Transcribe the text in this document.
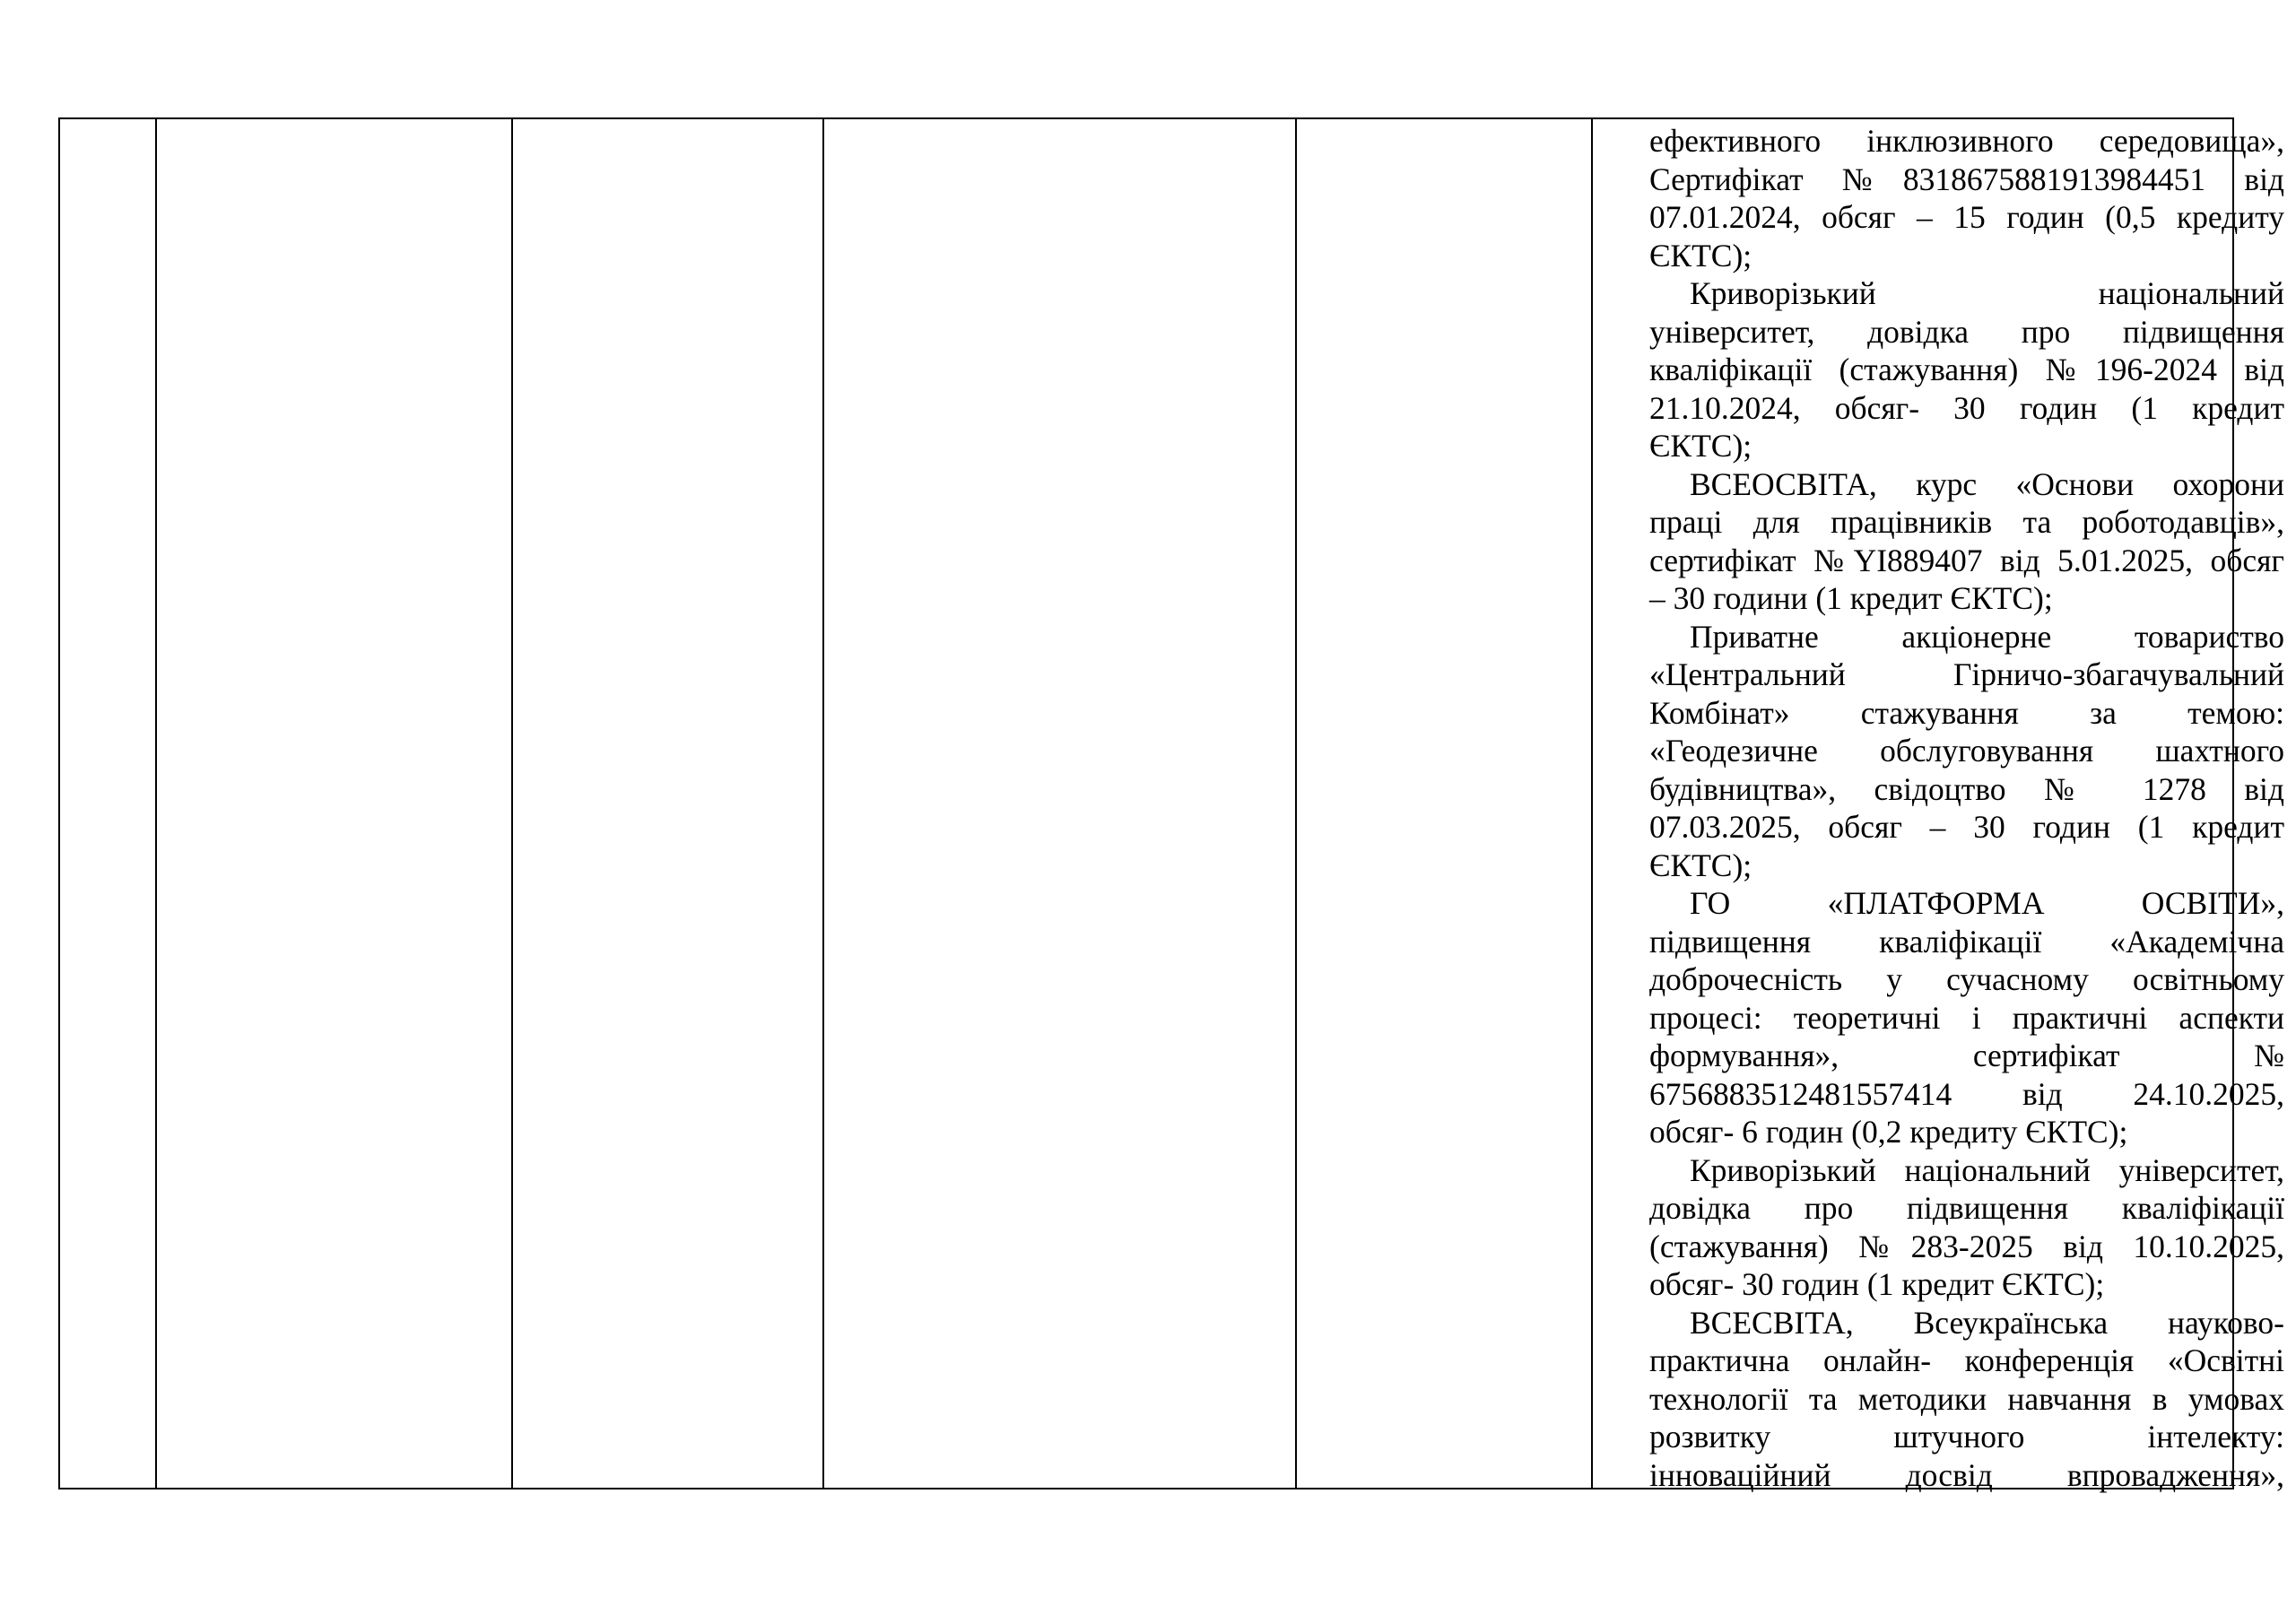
ефективного інклюзивного середовища»,
Сертифікат №8318675881913984451 від
07.01.2024, обсяг – 15 годин (0,5 кредиту
ЄКТС);
Криворізький національний
університет, довідка про підвищення
кваліфікації (стажування) №196-2024 від
21.10.2024, обсяг- 30 годин (1 кредит
ЄКТС);
ВСЕОСВІТА, курс «Основи охорони
праці для працівників та роботодавців»,
сертифікат №YI889407 від 5.01.2025, обсяг
– 30 години (1 кредит ЄКТС);
Приватне акціонерне товариство
«Центральний Гірничо-збагачувальний
Комбінат» стажування за темою:
«Геодезичне обслуговування шахтного
будівництва», свідоцтво № 1278 від
07.03.2025, обсяг – 30 годин (1 кредит
ЄКТС);
ГО «ПЛАТФОРМА ОСВІТИ»,
підвищення кваліфікації «Академічна
доброчесність у сучасному освітньому
процесі: теоретичні і практичні аспекти
формування», сертифікат №
6756883512481557414 від 24.10.2025,
обсяг- 6 годин (0,2 кредиту ЄКТС);
Криворізький національний університет,
довідка про підвищення кваліфікації
(стажування) №283-2025 від 10.10.2025,
обсяг- 30 годин (1 кредит ЄКТС);
ВСЕСВІТА, Всеукраїнська науково-
практична онлайн- конференція «Освітні
технології та методики навчання в умовах
розвитку штучного інтелекту:
інноваційний досвід впровадження»,
